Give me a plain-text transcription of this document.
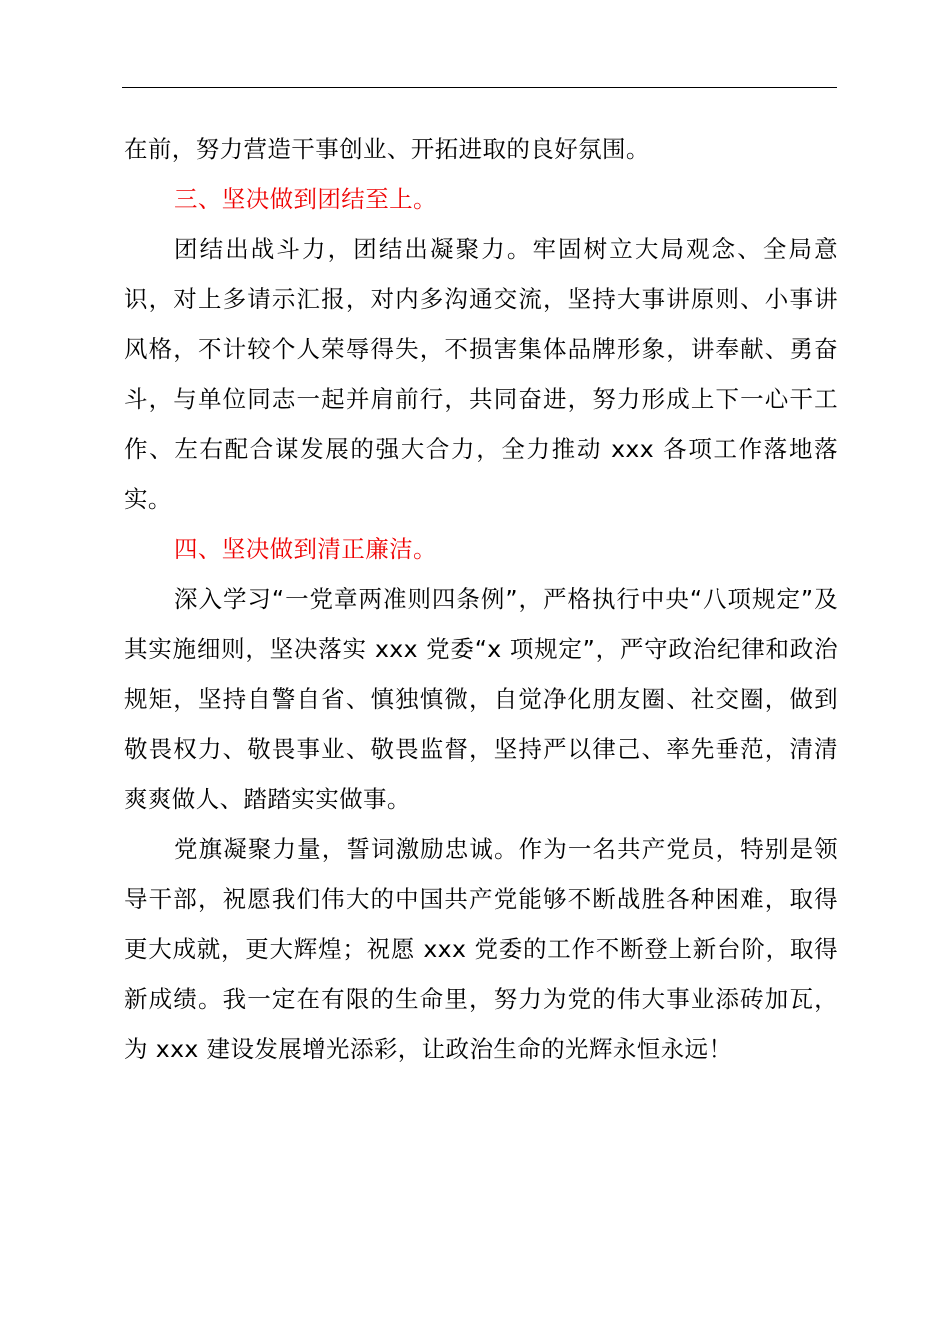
在前，努力营造干事创业、开拓进取的良好氛围。

三、坚决做到团结至上。

团结出战斗力，团结出凝聚力。牢固树立大局观念、全局意识，对上多请示汇报，对内多沟通交流，坚持大事讲原则、小事讲风格，不计较个人荣辱得失，不损害集体品牌形象，讲奉献、勇奋斗，与单位同志一起并肩前行，共同奋进，努力形成上下一心干工作、左右配合谋发展的强大合力，全力推动 xxx 各项工作落地落实。

四、坚决做到清正廉洁。

深入学习“一党章两准则四条例”，严格执行中央“八项规定”及其实施细则，坚决落实 xxx 党委“x 项规定”，严守政治纪律和政治规矩，坚持自警自省、慎独慎微，自觉净化朋友圈、社交圈，做到敬畏权力、敬畏事业、敬畏监督，坚持严以律己、率先垂范，清清爽爽做人、踏踏实实做事。

党旗凝聚力量，誓词激励忠诚。作为一名共产党员，特别是领导干部，祝愿我们伟大的中国共产党能够不断战胜各种困难，取得更大成就，更大辉煌；祝愿 xxx 党委的工作不断登上新台阶，取得新成绩。我一定在有限的生命里，努力为党的伟大事业添砖加瓦，为 xxx 建设发展增光添彩，让政治生命的光辉永恒永远！
